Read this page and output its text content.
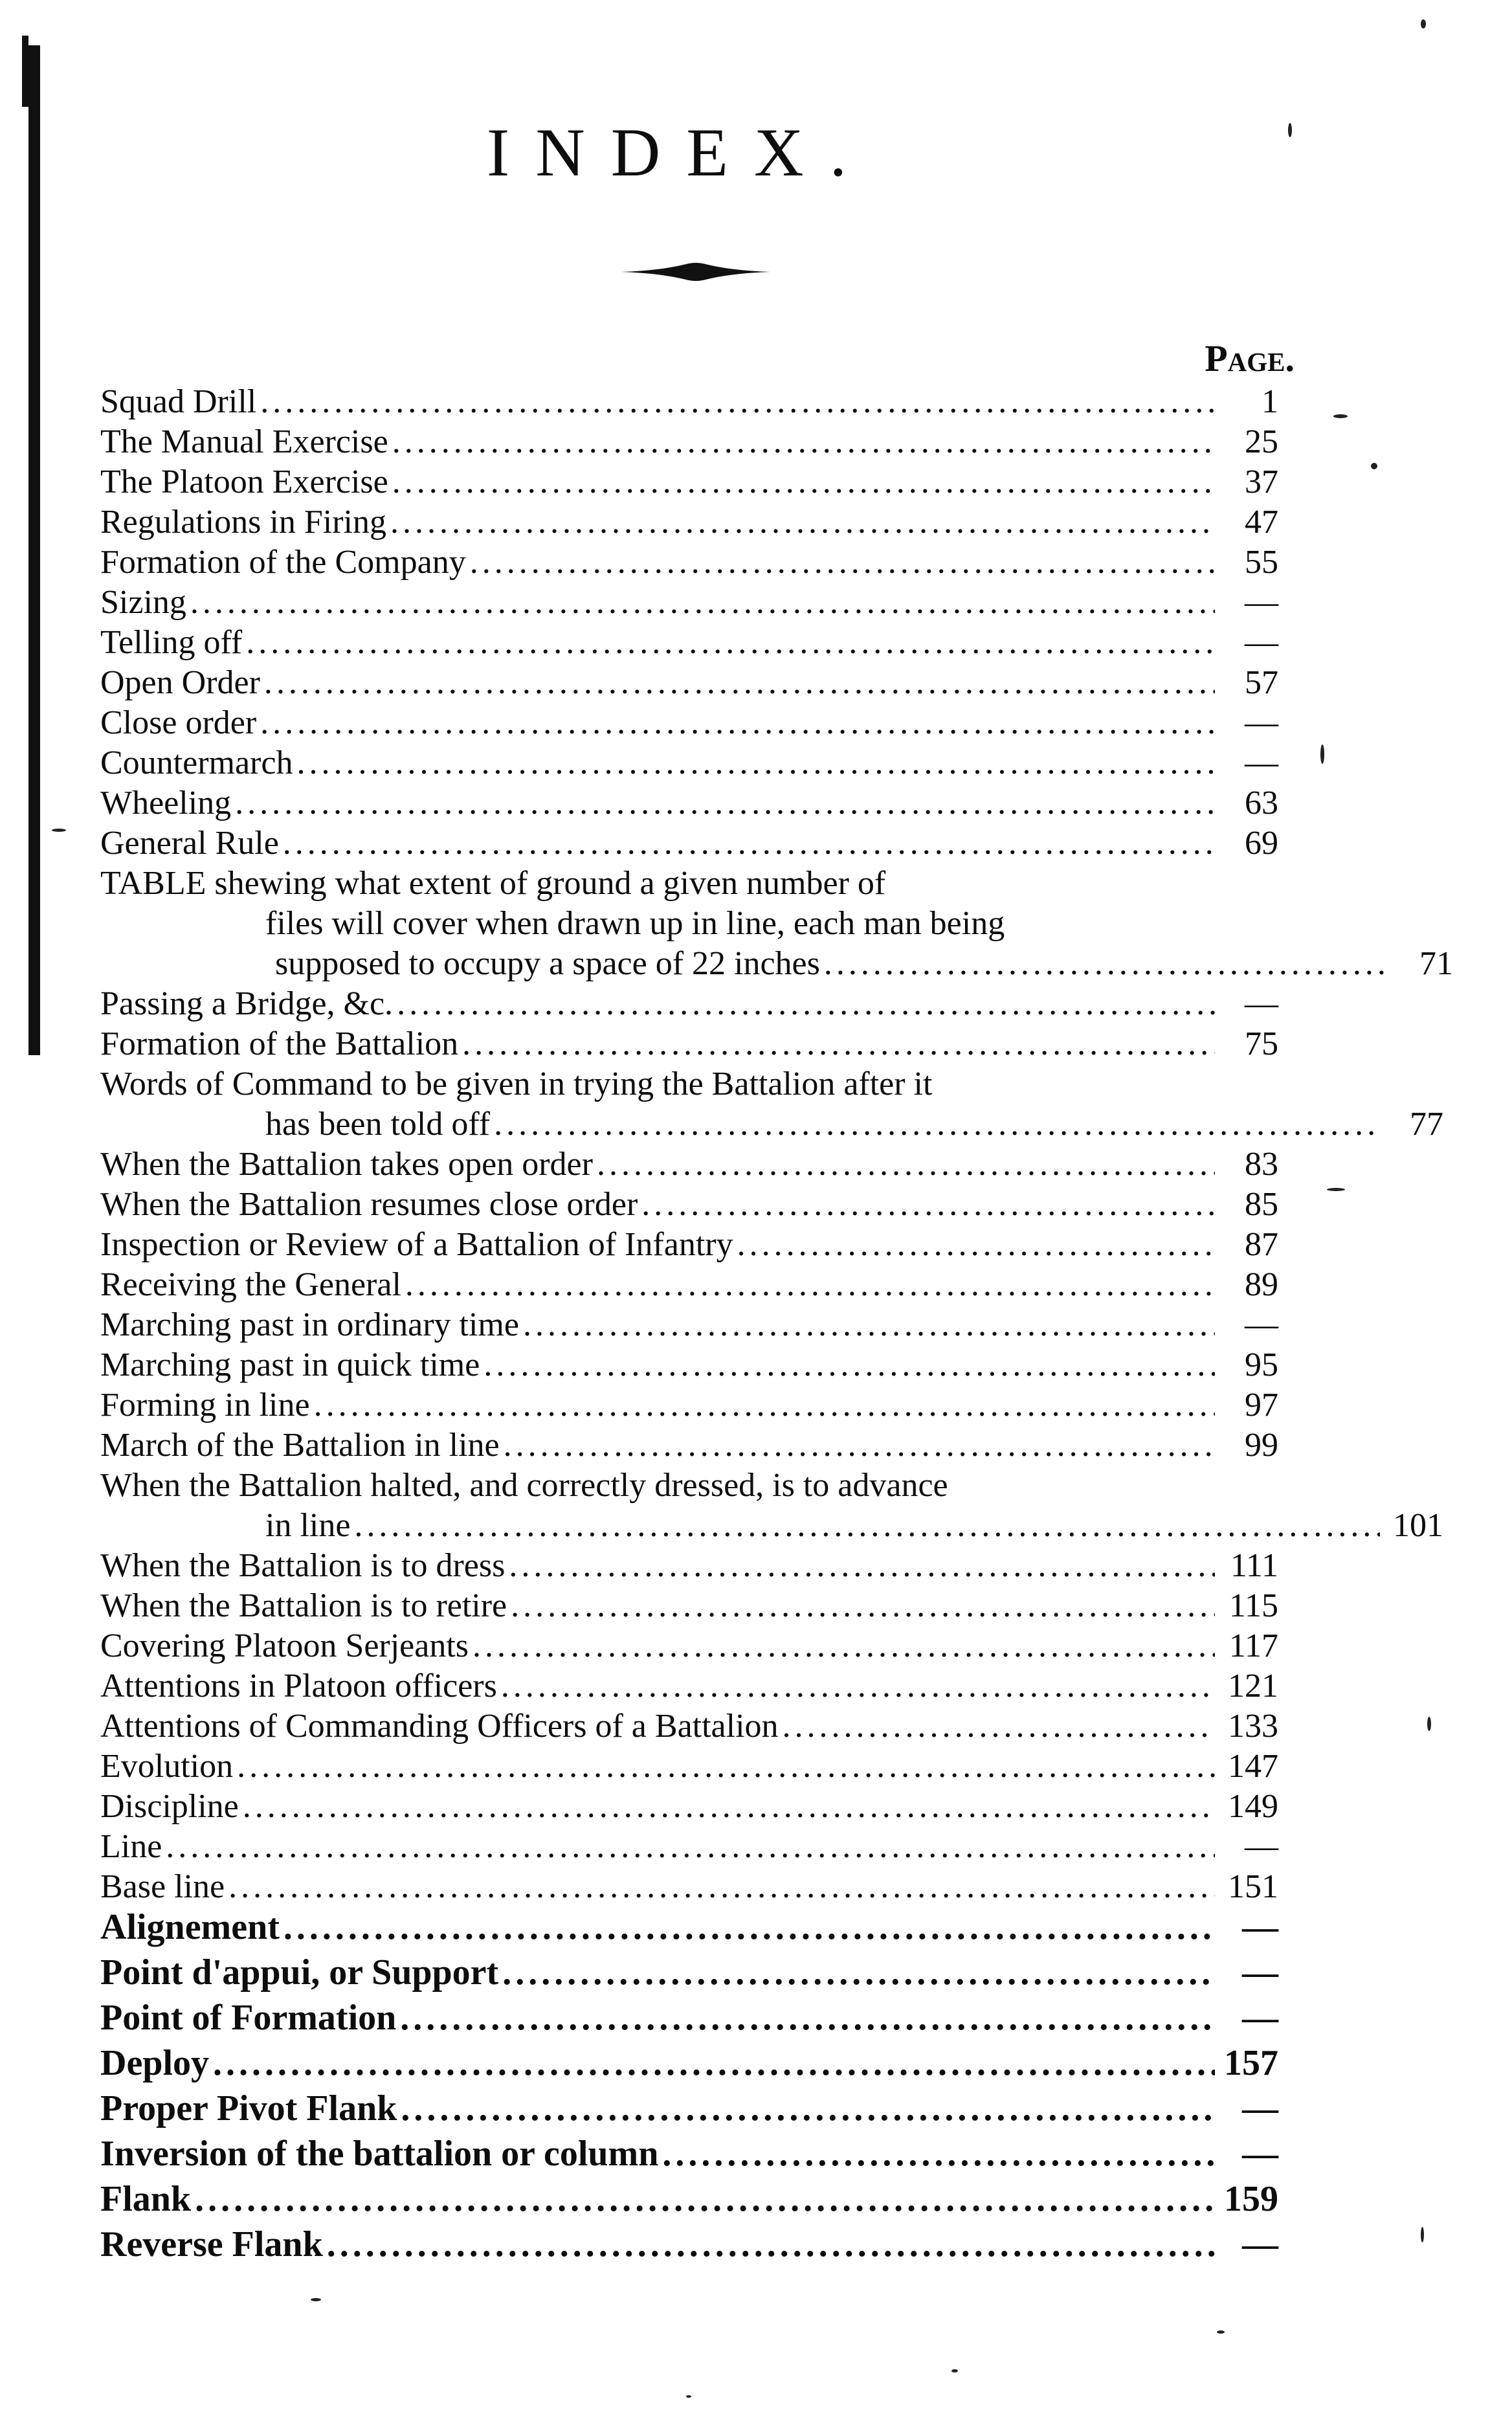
INDEX.
Page.
Squad Drill .....	1
The Manual Exercise .....	25
The Platoon Exercise .....	37
Regulations in Firing .....	47
Formation of the Company .....	55
Sizing .....	—
Telling off .....	—
Open Order .....	57
Close order .....	—
Countermarch .....	—
Wheeling .....	63
General Rule .....	69
TABLE shewing what extent of ground a given number of
files will cover when drawn up in line, each man being
supposed to occupy a space of 22 inches .....	71
Passing a Bridge, &c. .....	—
Formation of the Battalion .....	75
Words of Command to be given in trying the Battalion after it
has been told off .....	77
When the Battalion takes open order .....	83
When the Battalion resumes close order .....	85
Inspection or Review of a Battalion of Infantry .....	87
Receiving the General .....	89
Marching past in ordinary time .....	—
Marching past in quick time .....	95
Forming in line .....	97
March of the Battalion in line .....	99
When the Battalion halted, and correctly dressed, is to advance
in line .....	101
When the Battalion is to dress .....	111
When the Battalion is to retire .....	115
Covering Platoon Serjeants .....	117
Attentions in Platoon officers .....	121
Attentions of Commanding Officers of a Battalion .....	133
Evolution .....	147
Discipline .....	149
Line .....	—
Base line .....	151
Alignement .....	—
Point d'appui, or Support .....	—
Point of Formation .....	—
Deploy .....	157
Proper Pivot Flank .....	—
Inversion of the battalion or column .....	—
Flank .....	159
Reverse Flank .....	—
